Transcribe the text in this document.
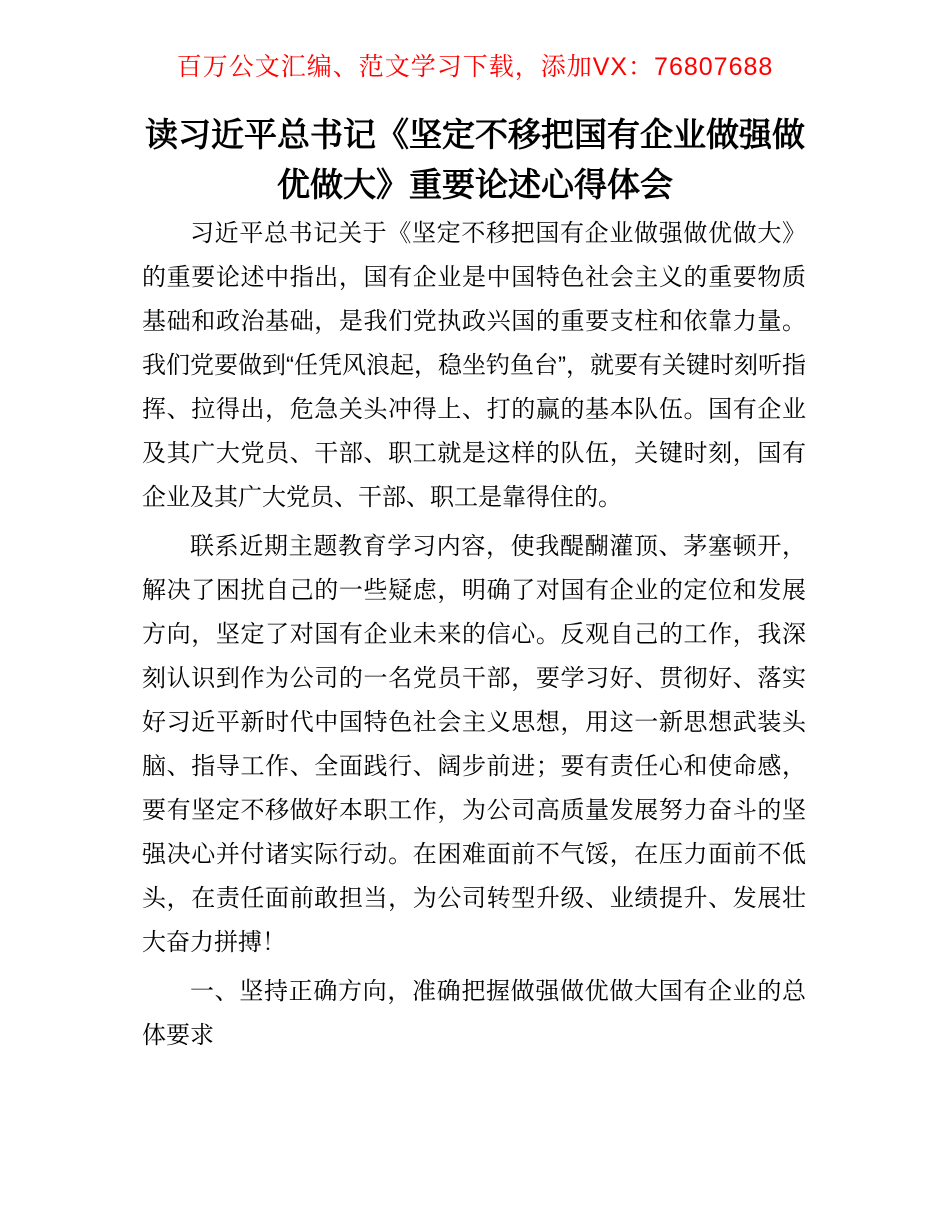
百万公文汇编、范文学习下载，添加VX：76807688
读习近平总书记《坚定不移把国有企业做强做优做大》重要论述心得体会

习近平总书记关于《坚定不移把国有企业做强做优做大》的重要论述中指出，国有企业是中国特色社会主义的重要物质基础和政治基础，是我们党执政兴国的重要支柱和依靠力量。我们党要做到“任凭风浪起，稳坐钓鱼台”，就要有关键时刻听指挥、拉得出，危急关头冲得上、打的赢的基本队伍。国有企业及其广大党员、干部、职工就是这样的队伍，关键时刻，国有企业及其广大党员、干部、职工是靠得住的。

联系近期主题教育学习内容，使我醍醐灌顶、茅塞顿开，解决了困扰自己的一些疑虑，明确了对国有企业的定位和发展方向，坚定了对国有企业未来的信心。反观自己的工作，我深刻认识到作为公司的一名党员干部，要学习好、贯彻好、落实好习近平新时代中国特色社会主义思想，用这一新思想武装头脑、指导工作、全面践行、阔步前进；要有责任心和使命感，要有坚定不移做好本职工作，为公司高质量发展努力奋斗的坚强决心并付诸实际行动。在困难面前不气馁，在压力面前不低头，在责任面前敢担当，为公司转型升级、业绩提升、发展壮大奋力拼搏！

一、坚持正确方向，准确把握做强做优做大国有企业的总体要求
